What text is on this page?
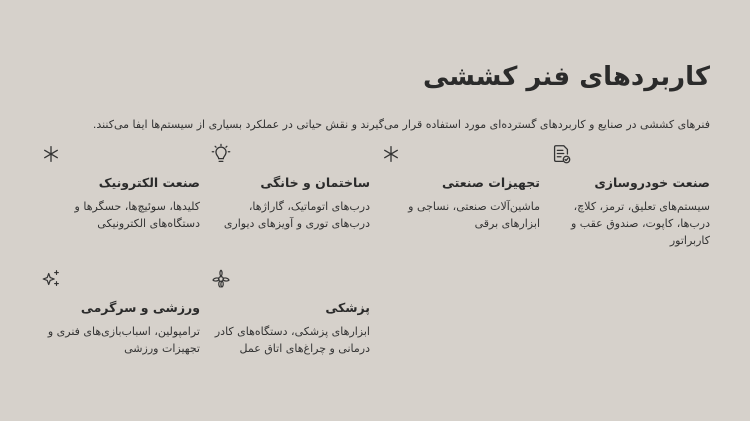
کاربردهای فنر کششی
فنرهای کششی در صنایع و کاربردهای گسترده‌ای مورد استفاده قرار می‌گیرند و نقش حیاتی در عملکرد بسیاری از سیستم‌ها ایفا می‌کنند.
صنعت خودروسازی

سیستم‌های تعلیق، ترمز، کلاچ، درب‌ها، کاپوت، صندوق عقب و کاربراتور

تجهیزات صنعتی

ماشین‌آلات صنعتی، نساجی و ابزارهای برقی

ساختمان و خانگی

درب‌های اتوماتیک، گاراژها، درب‌های توری و آویزهای دیواری

صنعت الکترونیک

کلیدها، سوئیچ‌ها، حسگرها و دستگاه‌های الکترونیکی

پزشکی

ابزارهای پزشکی، دستگاه‌های کادر درمانی و چراغ‌های اتاق عمل

ورزشی و سرگرمی

ترامپولین، اسباب‌بازی‌های فنری و تجهیزات ورزشی
